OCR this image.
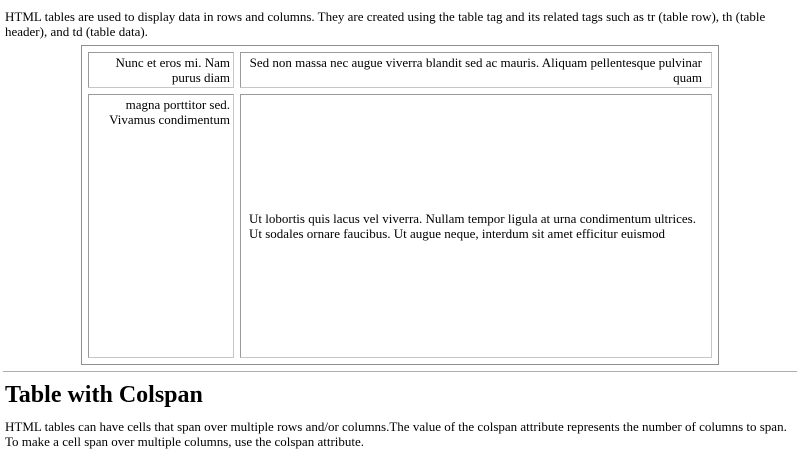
HTML tables are used to display data in rows and columns. They are created using the table tag and its related tags such as tr (table row), th (table header), and td (table data).

Nunc et eros mi. Nam purus diam	Sed non massa nec augue viverra blandit sed ac mauris. Aliquam pellentesque pulvinar quam
magna porttitor sed. Vivamus condimentum	Ut lobortis quis lacus vel viverra. Nullam tempor ligula at urna condimentum ultrices. Ut sodales ornare faucibus. Ut augue neque, interdum sit amet efficitur euismod
Table with Colspan

HTML tables can have cells that span over multiple rows and/or columns.The value of the colspan attribute represents the number of columns to span. To make a cell span over multiple columns, use the colspan attribute.
